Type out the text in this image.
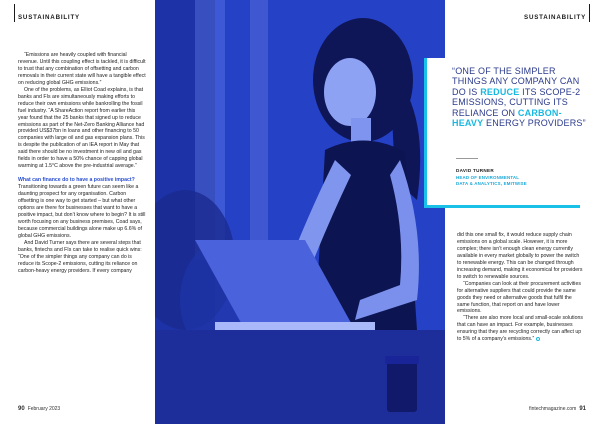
SUSTAINABILITY

“Emissions are heavily coupled with financial revenue. Until this coupling effect is tackled, it is difficult to trust that any combination of offsetting and carbon removals in their current state will have a tangible effect on reducing global GHG emissions.”

One of the problems, as Elliot Coad explains, is that banks and FIs are simultaneously making efforts to reduce their own emissions while bankrolling the fossil fuel industry. “A ShareAction report from earlier this year found that the 25 banks that signed up to reduce emissions as part of the Net-Zero Banking Alliance had provided US$37bn in loans and other financing to 50 companies with large oil and gas expansion plans. This is despite the publication of an IEA report in May that said there should be no investment in new oil and gas fields in order to have a 50% chance of capping global warming at 1.5°C above the pre-industrial average.”

What can finance do to have a positive impact?

Transitioning towards a green future can seem like a daunting prospect for any organisation. Carbon offsetting is one way to get started – but what other options are there for businesses that want to have a positive impact, but don’t know where to begin? It is still worth focusing on any business premises, Coad says, because commercial buildings alone make up 6.6% of global GHG emissions.

And David Turner says there are several steps that banks, fintechs and FIs can take to realise quick wins: “One of the simpler things any company can do is reduce its Scope-2 emissions, cutting its reliance on carbon-heavy energy providers. If every company

90 February 2023
SUSTAINABILITY
“ONE OF THE SIMPLER THINGS ANY COMPANY CAN DO IS REDUCE ITS SCOPE-2 EMISSIONS, CUTTING ITS RELIANCE ON CARBON-HEAVY ENERGY PROVIDERS”
DAVID TURNER
HEAD OF ENVIRONMENTAL
DATA & ANALYTICS, EMITWISE

did this one small fix, it would reduce supply chain emissions on a global scale. However, it is more complex; there isn’t enough clean energy currently available in every market globally to power the switch to renewable energy. This can be changed through increasing demand, making it economical for providers to switch to renewable sources.

“Companies can look at their procurement activities for alternative suppliers that could provide the same goods they need or alternative goods that fulfil the same function, that report on and have lower emissions.

“There are also more local and small-scale solutions that can have an impact. For example, businesses ensuring that they are recycling correctly can affect up to 5% of a company’s emissions.”

fintechmagazine.com 91
